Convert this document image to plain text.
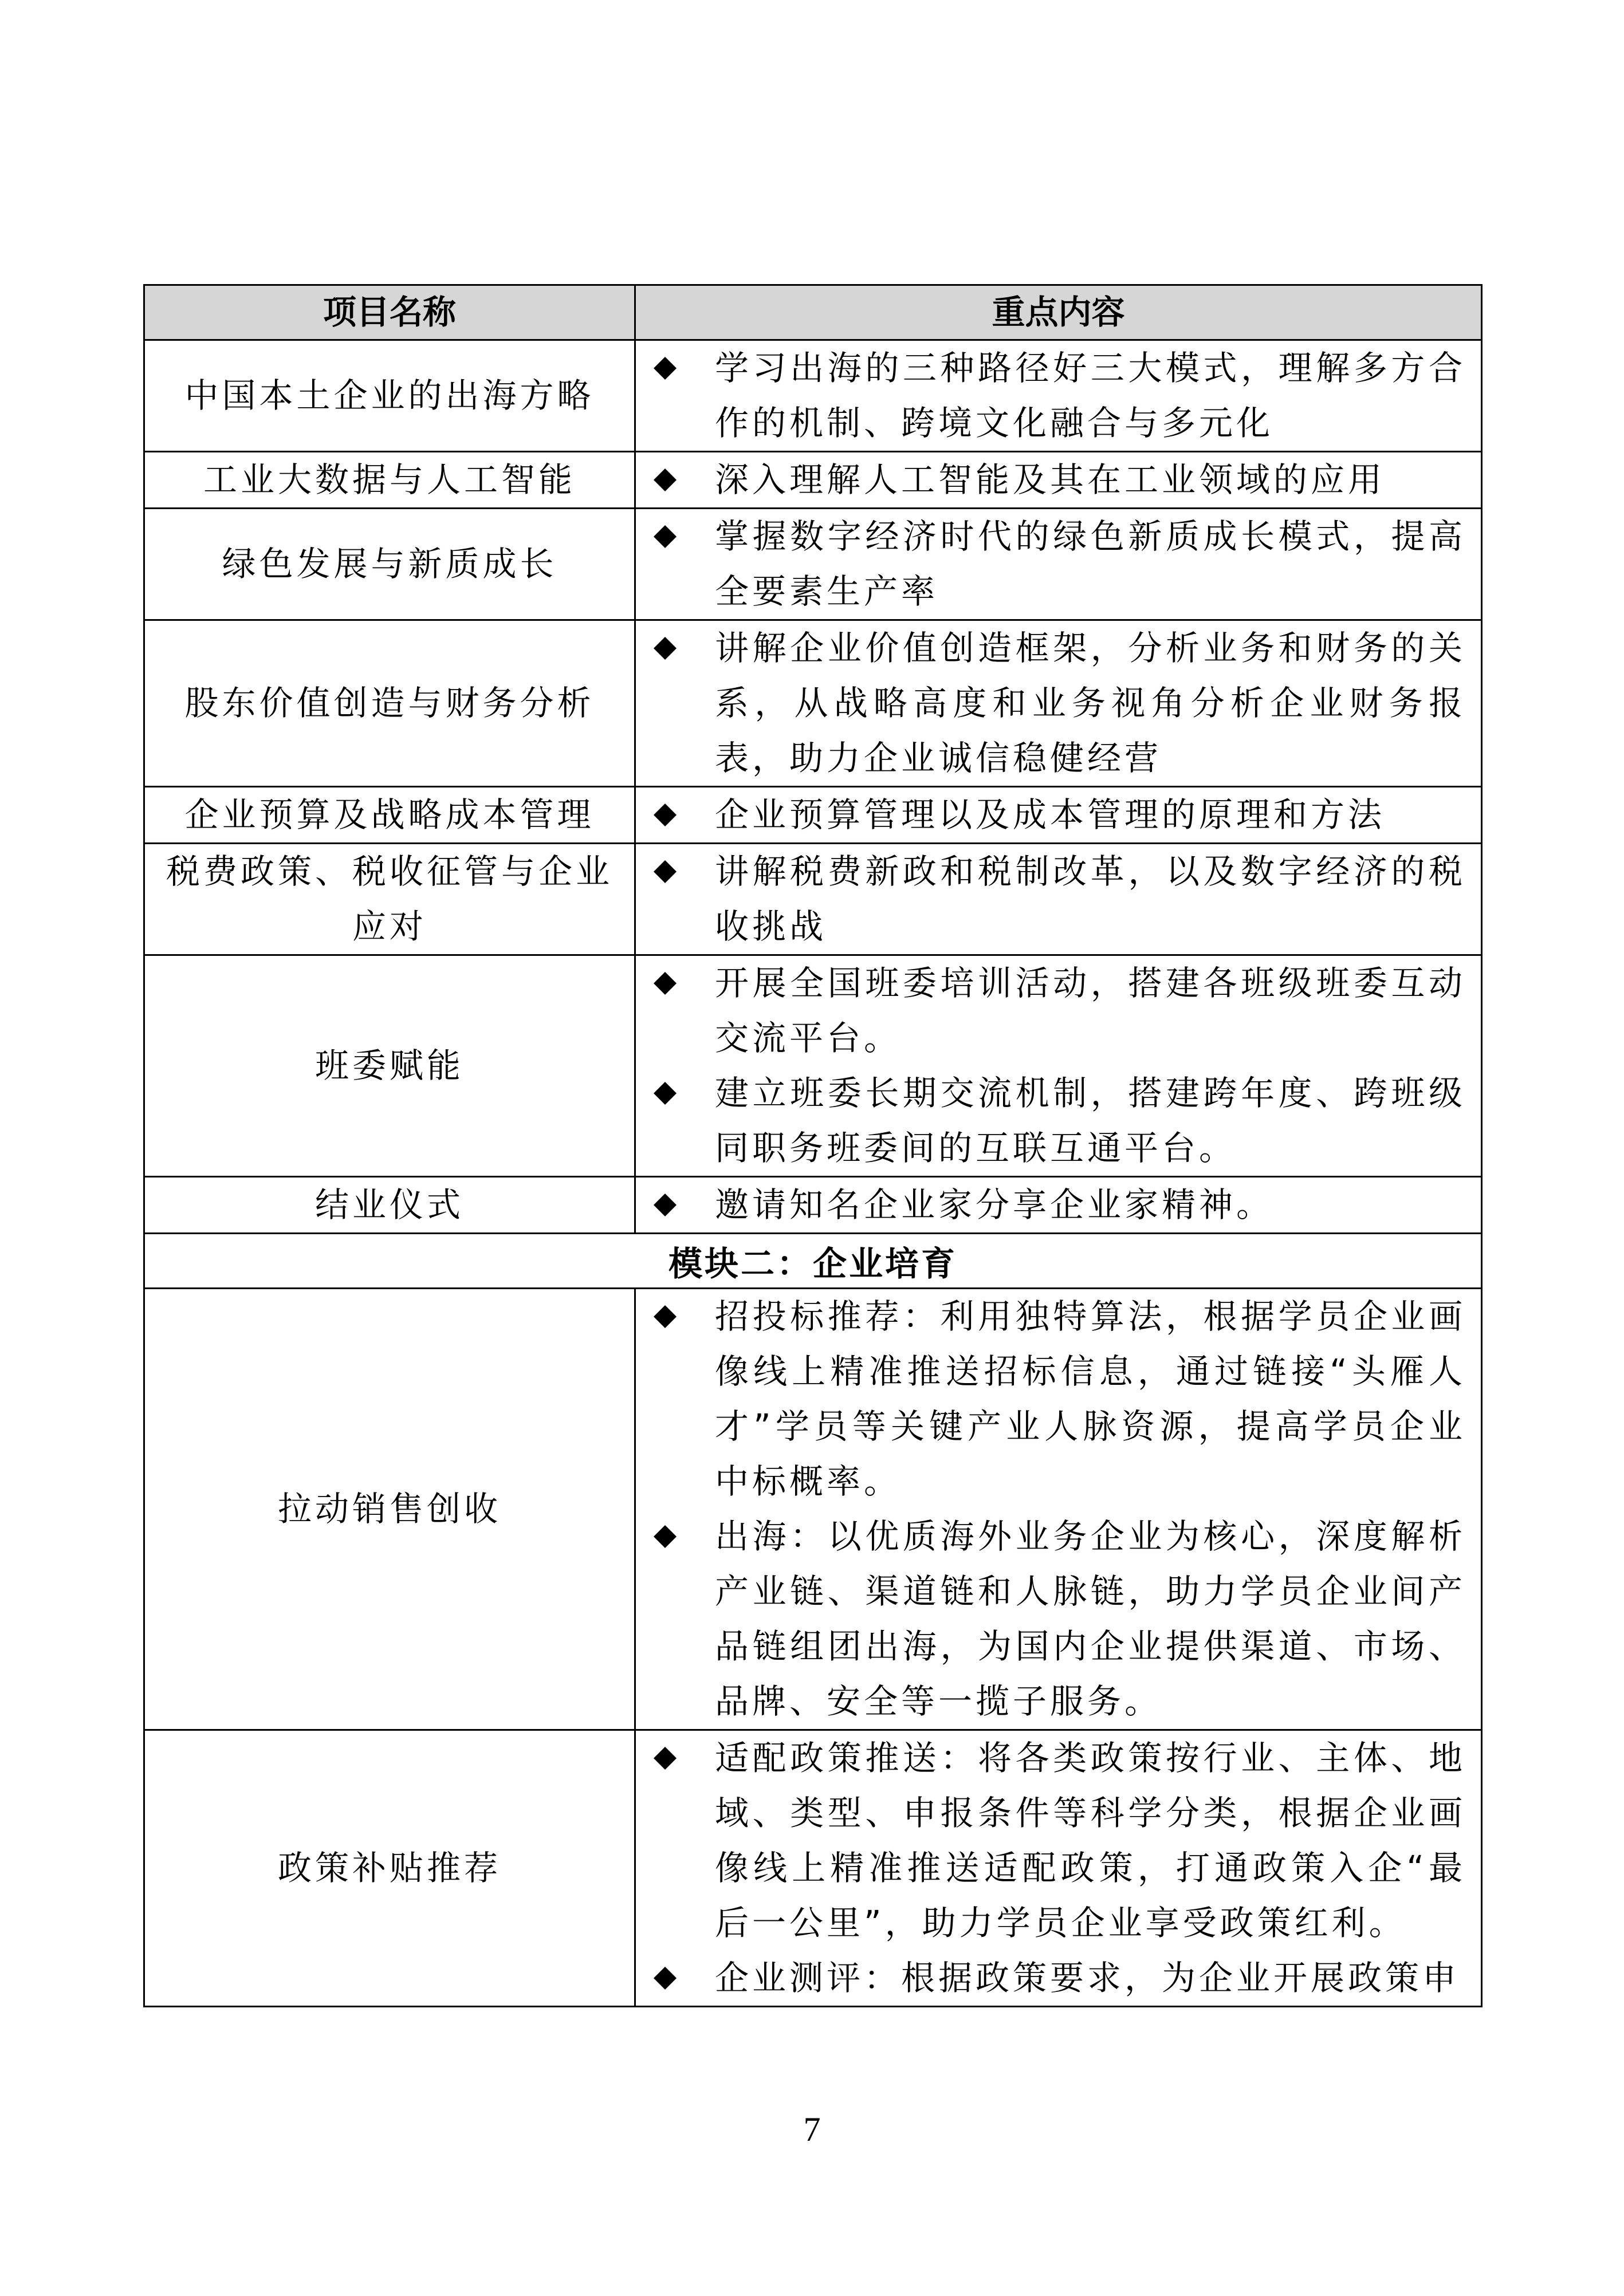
项目名称	重点内容
中国本土企业的出海方略	学习出海的三种路径好三大模式，理解多方合作的机制、跨境文化融合与多元化

工业大数据与人工智能	深入理解人工智能及其在工业领域的应用

绿色发展与新质成长	掌握数字经济时代的绿色新质成长模式，提高全要素生产率

股东价值创造与财务分析	讲解企业价值创造框架，分析业务和财务的关系，从战略高度和业务视角分析企业财务报表，助力企业诚信稳健经营

企业预算及战略成本管理	企业预算管理以及成本管理的原理和方法

税费政策、税收征管与企业应对	讲解税费新政和税制改革，以及数字经济的税收挑战

班委赋能	开展全国班委培训活动，搭建各班级班委互动交流平台。
建立班委长期交流机制，搭建跨年度、跨班级同职务班委间的互联互通平台。

结业仪式	邀请知名企业家分享企业家精神。

模块二：企业培育	
拉动销售创收	招投标推荐：利用独特算法，根据学员企业画像线上精准推送招标信息，通过链接“头雁人才”学员等关键产业人脉资源，提高学员企业中标概率。
出海：以优质海外业务企业为核心，深度解析产业链、渠道链和人脉链，助力学员企业间产品链组团出海，为国内企业提供渠道、市场、品牌、安全等一揽子服务。

政策补贴推荐	适配政策推送：将各类政策按行业、主体、地域、类型、申报条件等科学分类，根据企业画像线上精准推送适配政策，打通政策入企“最后一公里”，助力学员企业享受政策红利。
企业测评：根据政策要求，为企业开展政策申
7
